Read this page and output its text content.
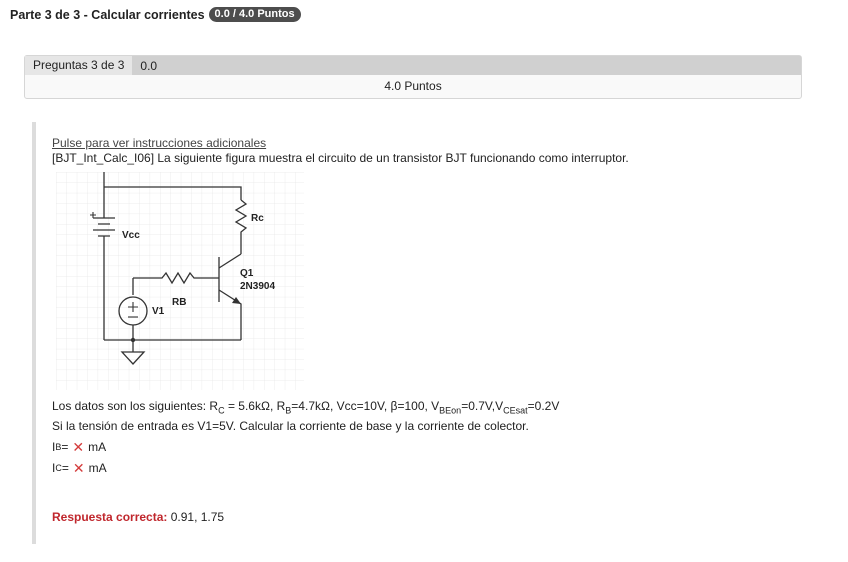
Parte 3 de 3 - Calcular corrientes 0.0 / 4.0 Puntos
Preguntas 3 de 3	0.0
4.0 Puntos
Pulse para ver instrucciones adicionales
[BJT_Int_Calc_I06] La siguiente figura muestra el circuito de un transistor BJT funcionando como interruptor.
Vcc
Rc
Q1
2N3904
RB
V1
Los datos son los siguientes: $R_C = 5.6k\Omega$, $R_B=4.7k\Omega$, Vcc=10V, β=100, $V_{BEon}=0.7V,V_{CEsat}=0.2V$
Si la tensión de entrada es V1=5V. Calcular la corriente de base y la corriente de colector.
I B = ✕ mA
I C = ✕ mA
Respuesta correcta: 0.91, 1.75
